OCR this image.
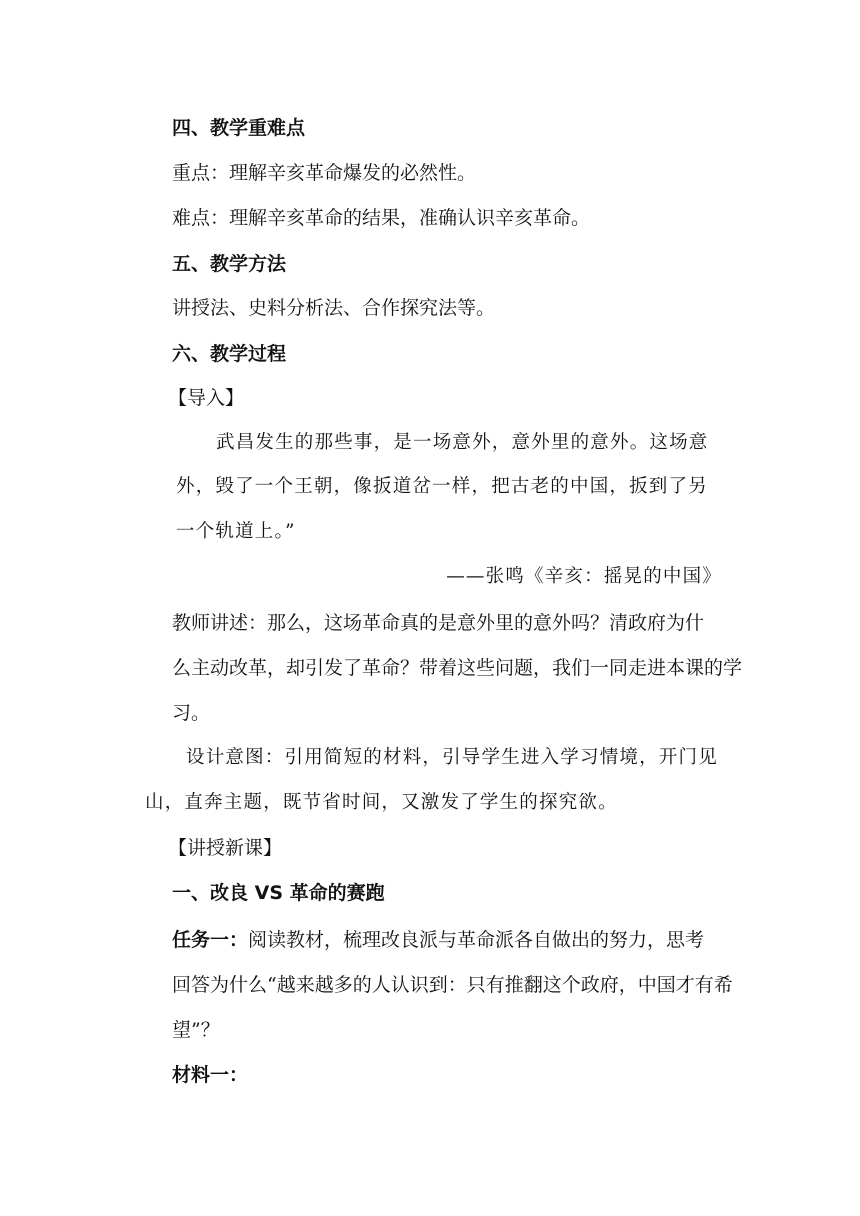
四、教学重难点
重点：理解辛亥革命爆发的必然性。
难点：理解辛亥革命的结果，准确认识辛亥革命。
五、教学方法
讲授法、史料分析法、合作探究法等。
六、教学过程
【导入】
武昌发生的那些事，是一场意外，意外里的意外。这场意
外，毁了一个王朝，像扳道岔一样，把古老的中国，扳到了另
一个轨道上。”
——张鸣《辛亥：摇晃的中国》
教师讲述：那么，这场革命真的是意外里的意外吗？清政府为什
么主动改革，却引发了革命？带着这些问题，我们一同走进本课的学
习。
设计意图：引用简短的材料，引导学生进入学习情境，开门见
山，直奔主题，既节省时间，又激发了学生的探究欲。
【讲授新课】
一、改良 VS 革命的赛跑
任务一：阅读教材，梳理改良派与革命派各自做出的努力，思考
回答为什么“越来越多的人认识到：只有推翻这个政府，中国才有希
望”？
材料一：
